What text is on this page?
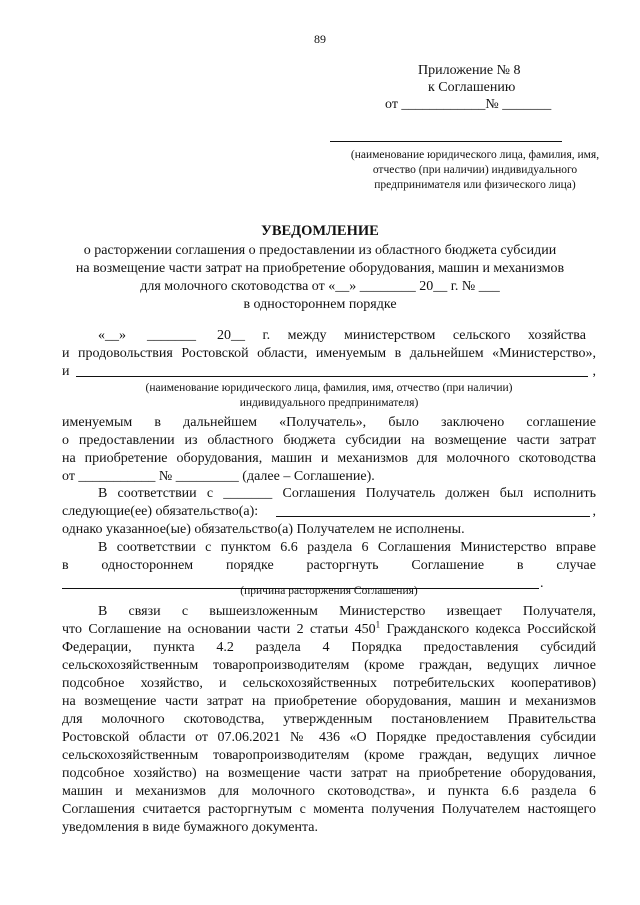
89
Приложение № 8
к Соглашению
от ____________№ _______
(наименование юридического лица, фамилия, имя,
отчество (при наличии) индивидуального
предпринимателя или физического лица)
УВЕДОМЛЕНИЕ
о расторжении соглашения о предоставлении из областного бюджета субсидии
на возмещение части затрат на приобретение оборудования, машин и механизмов
для молочного скотоводства от «__» ________ 20__ г. № ___
в одностороннем порядке
«__»      _______      20__     г.     между     министерством     сельского     хозяйства
и продовольствия Ростовской области, именуемым в дальнейшем «Министерство»,
и	,
(наименование юридического лица, фамилия, имя, отчество (при наличии)
индивидуального предпринимателя)
именуемым в дальнейшем «Получатель», было заключено соглашение
о предоставлении из областного бюджета субсидии на возмещение части затрат
на приобретение оборудования, машин и механизмов для молочного скотоводства
от ___________ № _________ (далее – Соглашение).
В соответствии с _______ Соглашения Получатель должен был исполнить
следующие(ее) обязательство(а):	,
однако указанное(ые) обязательство(а) Получателем не исполнены.
В соответствии с пунктом 6.6 раздела 6 Соглашения Министерство вправе
в одностороннем порядке расторгнуть Соглашение в случае
.
(причина расторжения Соглашения)
В связи с вышеизложенным Министерство извещает Получателя,
что Соглашение на основании части 2 статьи $450^1$ Гражданского кодекса Российской
Федерации, пункта 4.2 раздела 4 Порядка предоставления субсидий
сельскохозяйственным товаропроизводителям (кроме граждан, ведущих личное
подсобное хозяйство, и сельскохозяйственных потребительских кооперативов)
на возмещение части затрат на приобретение оборудования, машин и механизмов
для молочного скотоводства, утвержденным постановлением Правительства
Ростовской области от 07.06.2021 № 436 «О Порядке предоставления субсидии
сельскохозяйственным товаропроизводителям (кроме граждан, ведущих личное
подсобное хозяйство) на возмещение части затрат на приобретение оборудования,
машин и механизмов для молочного скотоводства», и пункта 6.6 раздела 6
Соглашения считается расторгнутым с момента получения Получателем настоящего
уведомления в виде бумажного документа.
